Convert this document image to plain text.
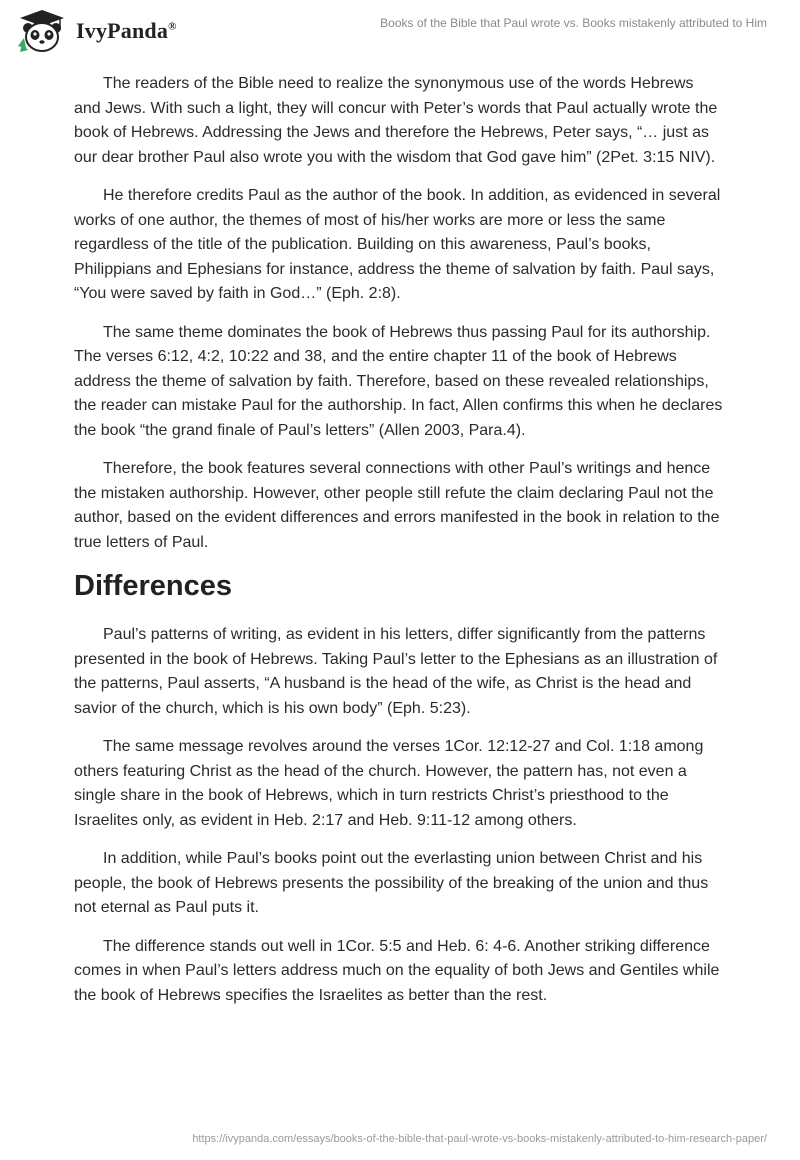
IvyPanda®	Books of the Bible that Paul wrote vs. Books mistakenly attributed to Him

The readers of the Bible need to realize the synonymous use of the words Hebrews and Jews. With such a light, they will concur with Peter’s words that Paul actually wrote the book of Hebrews. Addressing the Jews and therefore the Hebrews, Peter says, “… just as our dear brother Paul also wrote you with the wisdom that God gave him” (2Pet. 3:15 NIV).

He therefore credits Paul as the author of the book. In addition, as evidenced in several works of one author, the themes of most of his/her works are more or less the same regardless of the title of the publication. Building on this awareness, Paul’s books, Philippians and Ephesians for instance, address the theme of salvation by faith. Paul says, “You were saved by faith in God…” (Eph. 2:8).

The same theme dominates the book of Hebrews thus passing Paul for its authorship. The verses 6:12, 4:2, 10:22 and 38, and the entire chapter 11 of the book of Hebrews address the theme of salvation by faith. Therefore, based on these revealed relationships, the reader can mistake Paul for the authorship. In fact, Allen confirms this when he declares the book “the grand finale of Paul’s letters” (Allen 2003, Para.4).

Therefore, the book features several connections with other Paul’s writings and hence the mistaken authorship. However, other people still refute the claim declaring Paul not the author, based on the evident differences and errors manifested in the book in relation to the true letters of Paul.

Differences

Paul’s patterns of writing, as evident in his letters, differ significantly from the patterns presented in the book of Hebrews. Taking Paul’s letter to the Ephesians as an illustration of the patterns, Paul asserts, “A husband is the head of the wife, as Christ is the head and savior of the church, which is his own body” (Eph. 5:23).

The same message revolves around the verses 1Cor. 12:12-27 and Col. 1:18 among others featuring Christ as the head of the church. However, the pattern has, not even a single share in the book of Hebrews, which in turn restricts Christ’s priesthood to the Israelites only, as evident in Heb. 2:17 and Heb. 9:11-12 among others.

In addition, while Paul’s books point out the everlasting union between Christ and his people, the book of Hebrews presents the possibility of the breaking of the union and thus not eternal as Paul puts it.

The difference stands out well in 1Cor. 5:5 and Heb. 6: 4-6. Another striking difference comes in when Paul’s letters address much on the equality of both Jews and Gentiles while the book of Hebrews specifies the Israelites as better than the rest.

https://ivypanda.com/essays/books-of-the-bible-that-paul-wrote-vs-books-mistakenly-attributed-to-him-research-paper/
